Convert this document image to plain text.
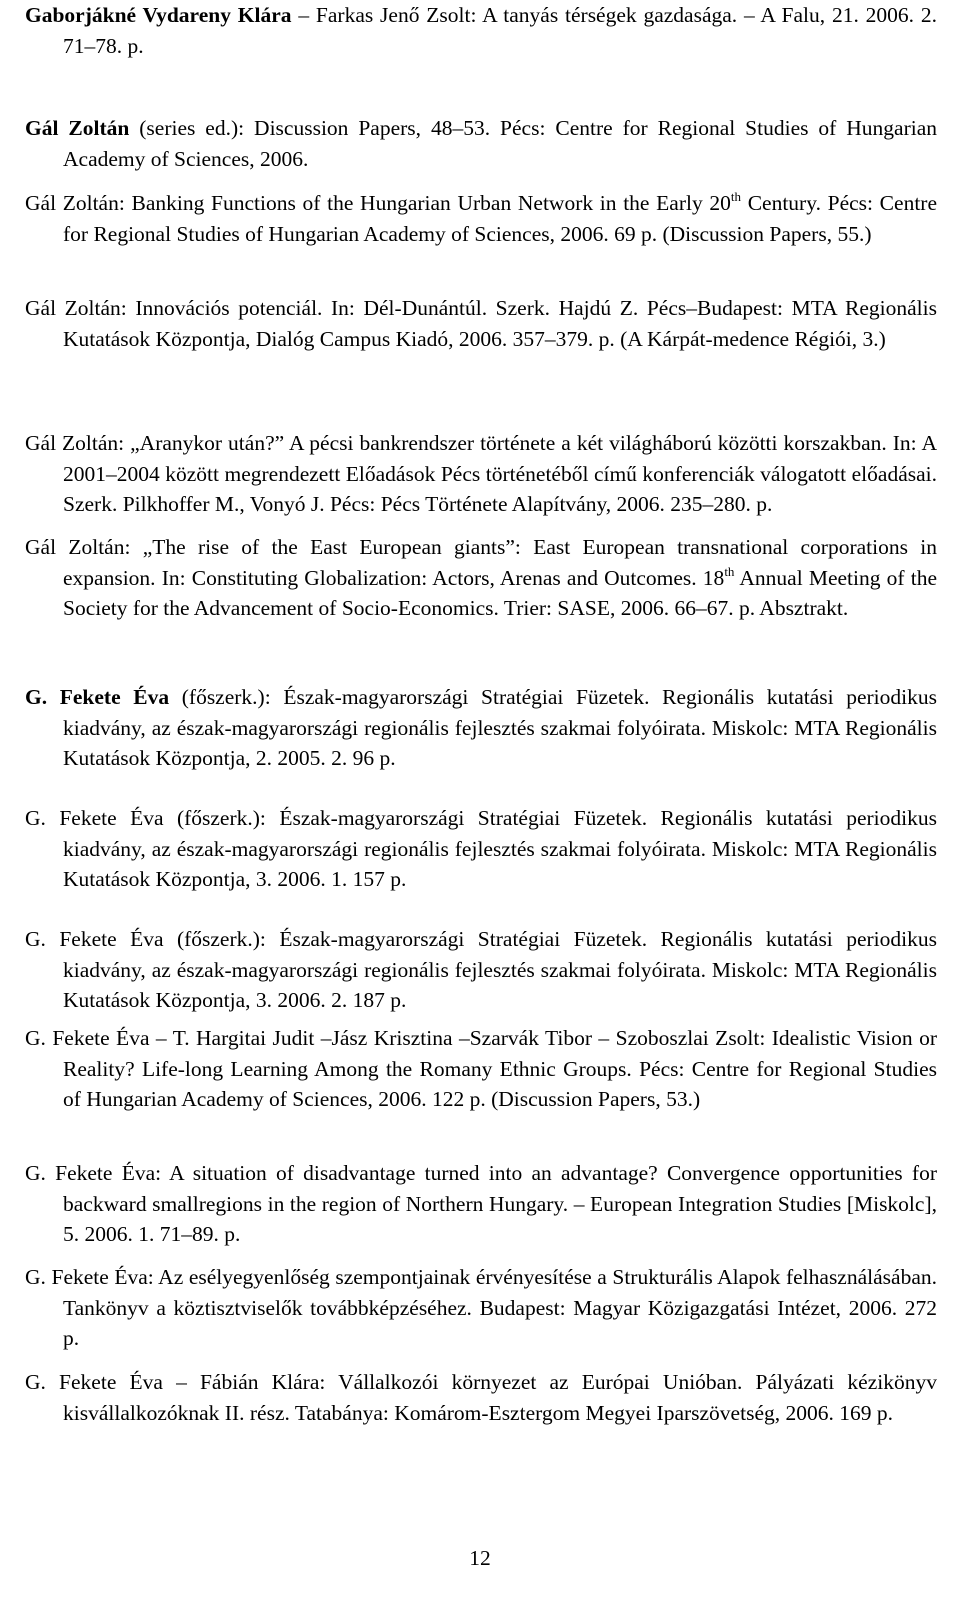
Gaborjákné Vydareny Klára – Farkas Jenő Zsolt: A tanyás térségek gazdasága. – A Falu, 21. 2006. 2. 71–78. p.

Gál Zoltán (series ed.): Discussion Papers, 48–53. Pécs: Centre for Regional Studies of Hungarian Academy of Sciences, 2006.

Gál Zoltán: Banking Functions of the Hungarian Urban Network in the Early 20th Century. Pécs: Centre for Regional Studies of Hungarian Academy of Sciences, 2006. 69 p. (Discussion Papers, 55.)

Gál Zoltán: Innovációs potenciál. In: Dél-Dunántúl. Szerk. Hajdú Z. Pécs–Budapest: MTA Regionális Kutatások Központja, Dialóg Campus Kiadó, 2006. 357–379. p. (A Kárpát-medence Régiói, 3.)

Gál Zoltán: „Aranykor után?” A pécsi bankrendszer története a két világháború közötti korszakban. In: A 2001–2004 között megrendezett Előadások Pécs történetéből című konferenciák válogatott előadásai. Szerk. Pilkhoffer M., Vonyó J. Pécs: Pécs Története Alapítvány, 2006. 235–280. p.

Gál Zoltán: „The rise of the East European giants”: East European transnational corporations in expansion. In: Constituting Globalization: Actors, Arenas and Outcomes. 18th Annual Meeting of the Society for the Advancement of Socio-Economics. Trier: SASE, 2006. 66–67. p. Absztrakt.

G. Fekete Éva (főszerk.): Észak-magyarországi Stratégiai Füzetek. Regionális kutatási periodikus kiadvány, az észak-magyarországi regionális fejlesztés szakmai folyóirata. Miskolc: MTA Regionális Kutatások Központja, 2. 2005. 2. 96 p.

G. Fekete Éva (főszerk.): Észak-magyarországi Stratégiai Füzetek. Regionális kutatási periodikus kiadvány, az észak-magyarországi regionális fejlesztés szakmai folyóirata. Miskolc: MTA Regionális Kutatások Központja, 3. 2006. 1. 157 p.

G. Fekete Éva (főszerk.): Észak-magyarországi Stratégiai Füzetek. Regionális kutatási periodikus kiadvány, az észak-magyarországi regionális fejlesztés szakmai folyóirata. Miskolc: MTA Regionális Kutatások Központja, 3. 2006. 2. 187 p.

G. Fekete Éva – T. Hargitai Judit –Jász Krisztina –Szarvák Tibor – Szoboszlai Zsolt: Idealistic Vision or Reality? Life-long Learning Among the Romany Ethnic Groups. Pécs: Centre for Regional Studies of Hungarian Academy of Sciences, 2006. 122 p. (Discussion Papers, 53.)

G. Fekete Éva: A situation of disadvantage turned into an advantage? Convergence opportunities for backward smallregions in the region of Northern Hungary. – European Integration Studies [Miskolc], 5. 2006. 1. 71–89. p.

G. Fekete Éva: Az esélyegyenlőség szempontjainak érvényesítése a Strukturális Alapok felhasználásában. Tankönyv a köztisztviselők továbbképzéséhez. Budapest: Magyar Közigazgatási Intézet, 2006. 272 p.

G. Fekete Éva – Fábián Klára: Vállalkozói környezet az Európai Unióban. Pályázati kézikönyv kisvállalkozóknak II. rész. Tatabánya: Komárom-Esztergom Megyei Iparszövetség, 2006. 169 p.

12
